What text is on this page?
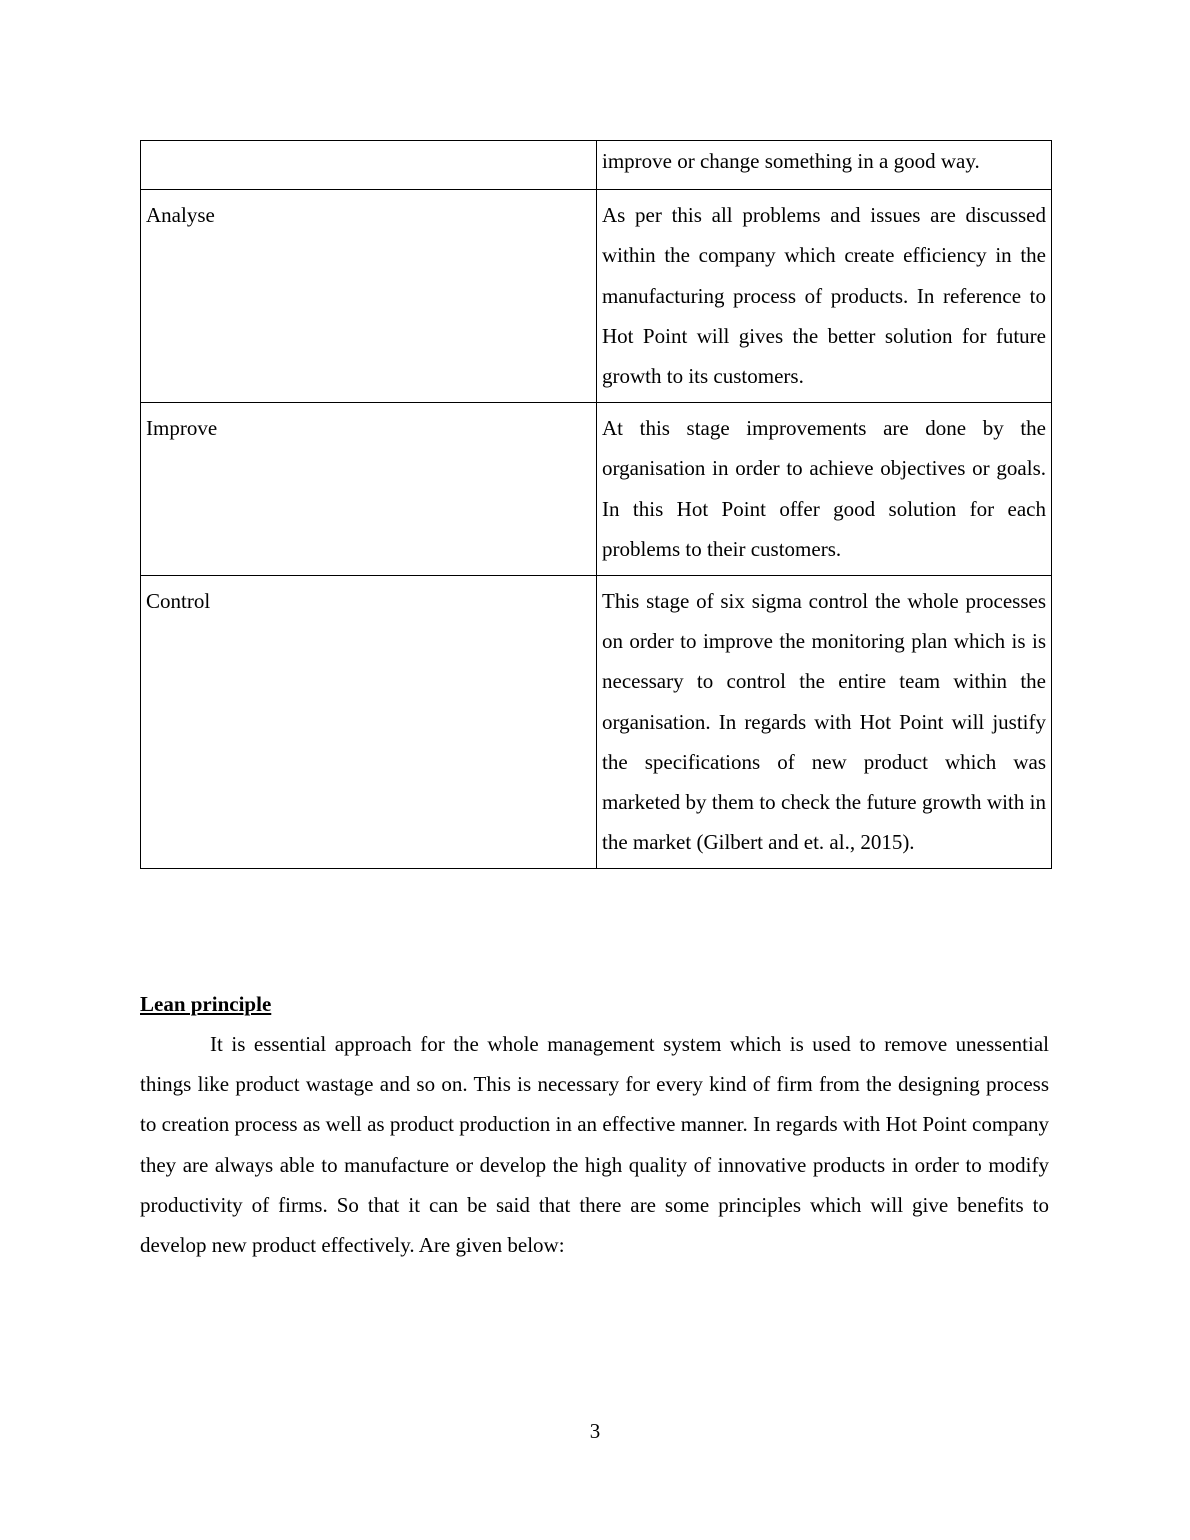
	improve or change something in a good way.
Analyse	As per this all problems and issues are discussed within the company which create efficiency in the manufacturing process of products. In reference to Hot Point will gives the better solution for future growth to its customers.
Improve	At this stage improvements are done by the organisation in order to achieve objectives or goals. In this Hot Point offer good solution for each problems to their customers.
Control	This stage of six sigma control the whole processes on order to improve the monitoring plan which is is necessary to control the entire team within the organisation. In regards with Hot Point will justify the specifications of new product which was marketed by them to check the future growth with in the market (Gilbert and et. al., 2015).

Lean principle

It is essential approach for the whole management system which is used to remove unessential things like product wastage and so on. This is necessary for every kind of firm from the designing process to creation process as well as product production in an effective manner. In regards with Hot Point company they are always able to manufacture or develop the high quality of innovative products in order to modify productivity of firms. So that it can be said that there are some principles which will give benefits to develop new product effectively. Are given below:

3
